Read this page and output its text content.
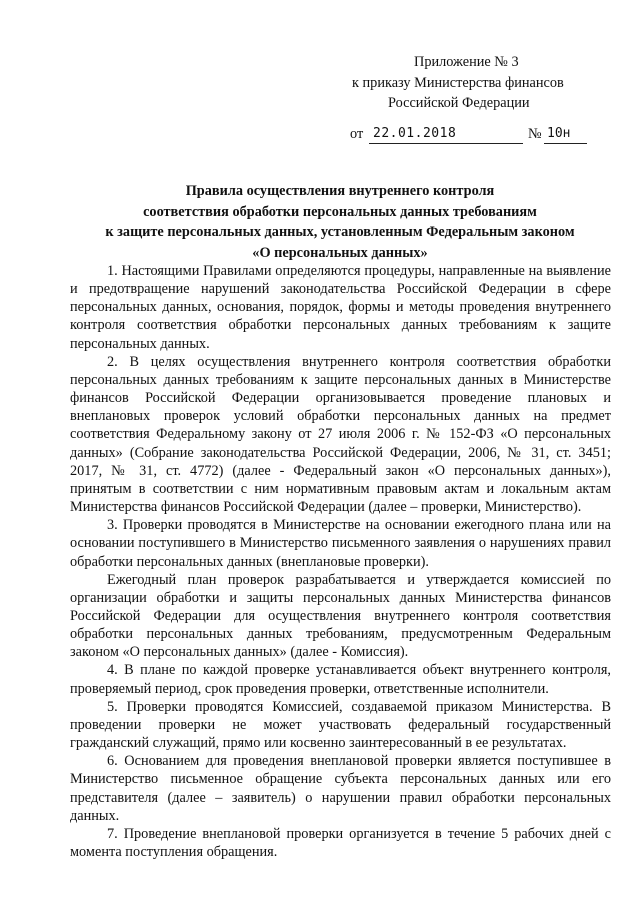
Приложение № 3
к приказу Министерства финансов
Российской Федерации
от 22.01.2018	№ 10н
Правила осуществления внутреннего контроля
соответствия обработки персональных данных требованиям
к защите персональных данных, установленным Федеральным законом
«О персональных данных»

1. Настоящими Правилами определяются процедуры, направленные на выявление и предотвращение нарушений законодательства Российской Федерации в сфере персональных данных, основания, порядок, формы и методы проведения внутреннего контроля соответствия обработки персональных данных требованиям к защите персональных данных.

2. В целях осуществления внутреннего контроля соответствия обработки персональных данных требованиям к защите персональных данных в Министерстве финансов Российской Федерации организовывается проведение плановых и внеплановых проверок условий обработки персональных данных на предмет соответствия Федеральному закону от 27 июля 2006 г. № 152-ФЗ «О персональных данных» (Собрание законодательства Российской Федерации, 2006, № 31, ст. 3451; 2017, № 31, ст. 4772) (далее - Федеральный закон «О персональных данных»), принятым в соответствии с ним нормативным правовым актам и локальным актам Министерства финансов Российской Федерации (далее – проверки, Министерство).

3. Проверки проводятся в Министерстве на основании ежегодного плана или на основании поступившего в Министерство письменного заявления о нарушениях правил обработки персональных данных (внеплановые проверки).

Ежегодный план проверок разрабатывается и утверждается комиссией по организации обработки и защиты персональных данных Министерства финансов Российской Федерации для осуществления внутреннего контроля соответствия обработки персональных данных требованиям, предусмотренным Федеральным законом «О персональных данных» (далее - Комиссия).

4. В плане по каждой проверке устанавливается объект внутреннего контроля, проверяемый период, срок проведения проверки, ответственные исполнители.

5. Проверки проводятся Комиссией, создаваемой приказом Министерства. В проведении проверки не может участвовать федеральный государственный гражданский служащий, прямо или косвенно заинтересованный в ее результатах.

6. Основанием для проведения внеплановой проверки является поступившее в Министерство письменное обращение субъекта персональных данных или его представителя (далее – заявитель) о нарушении правил обработки персональных данных.

7. Проведение внеплановой проверки организуется в течение 5 рабочих дней с момента поступления обращения.
